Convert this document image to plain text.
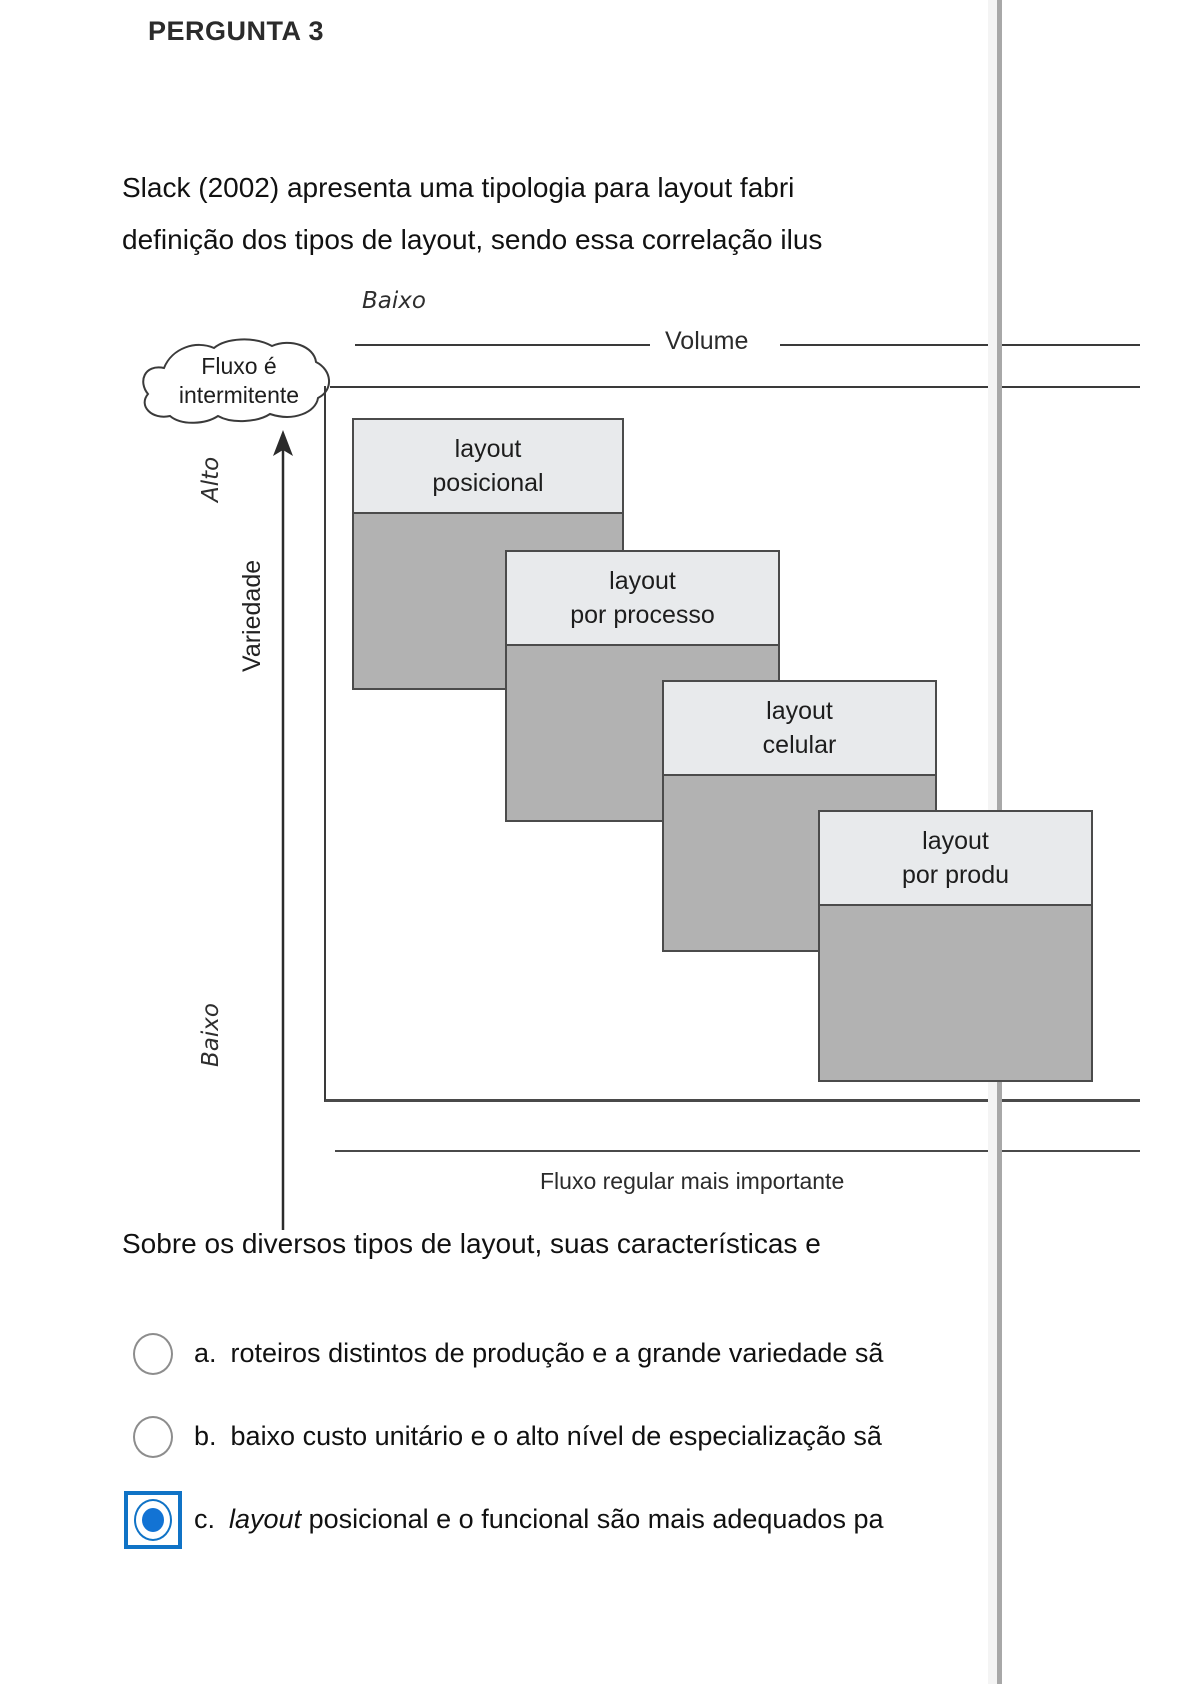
PERGUNTA 3
Slack (2002) apresenta uma tipologia para layout fabri
definição dos tipos de layout, sendo essa correlação ilus
Baixo
Volume
Fluxo é
intermitente
Variedade
Alto
Baixo
layout
posicional
layout
por processo
layout
celular
layout
por produ
Fluxo regular mais importante
Sobre os diversos tipos de layout, suas características e
a. roteiros distintos de produção e a grande variedade sã
b. baixo custo unitário e o alto nível de especialização sã
c. layout posicional e o funcional são mais adequados pa
